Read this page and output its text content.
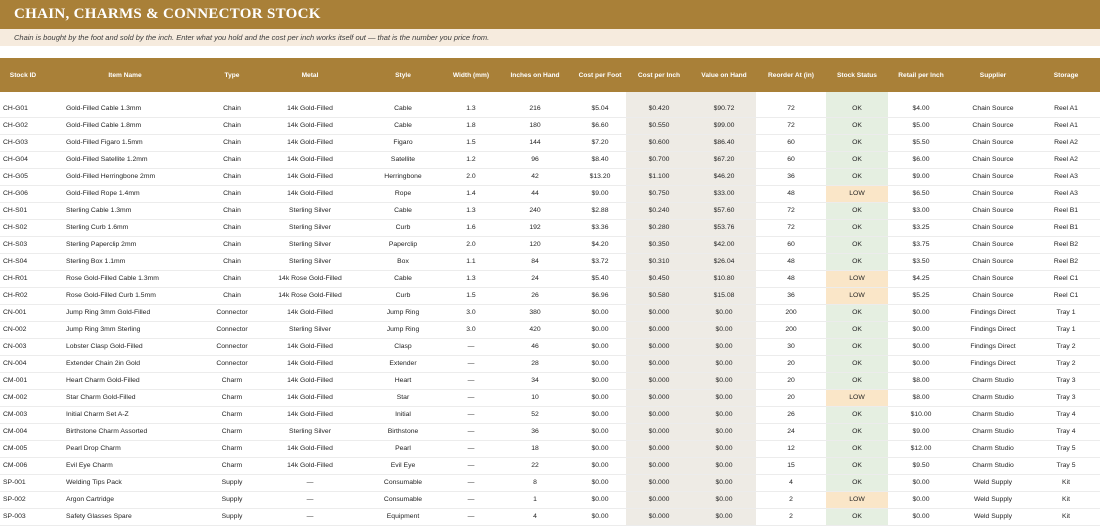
CHAIN, CHARMS & CONNECTOR STOCK
Chain is bought by the foot and sold by the inch. Enter what you hold and the cost per inch works itself out — that is the number you price from.
Stock ID	Item Name	Type	Metal	Style	Width (mm)	Inches on Hand	Cost per Foot	Cost per Inch	Value on Hand	Reorder At (in)	Stock Status	Retail per Inch	Supplier	Storage
CH-G01	Gold-Filled Cable 1.3mm	Chain	14k Gold-Filled	Cable	1.3	216	$5.04	$0.420	$90.72	72	OK	$4.00	Chain Source	Reel A1
CH-G02	Gold-Filled Cable 1.8mm	Chain	14k Gold-Filled	Cable	1.8	180	$6.60	$0.550	$99.00	72	OK	$5.00	Chain Source	Reel A1
CH-G03	Gold-Filled Figaro 1.5mm	Chain	14k Gold-Filled	Figaro	1.5	144	$7.20	$0.600	$86.40	60	OK	$5.50	Chain Source	Reel A2
CH-G04	Gold-Filled Satellite 1.2mm	Chain	14k Gold-Filled	Satellite	1.2	96	$8.40	$0.700	$67.20	60	OK	$6.00	Chain Source	Reel A2
CH-G05	Gold-Filled Herringbone 2mm	Chain	14k Gold-Filled	Herringbone	2.0	42	$13.20	$1.100	$46.20	36	OK	$9.00	Chain Source	Reel A3
CH-G06	Gold-Filled Rope 1.4mm	Chain	14k Gold-Filled	Rope	1.4	44	$9.00	$0.750	$33.00	48	LOW	$6.50	Chain Source	Reel A3
CH-S01	Sterling Cable 1.3mm	Chain	Sterling Silver	Cable	1.3	240	$2.88	$0.240	$57.60	72	OK	$3.00	Chain Source	Reel B1
CH-S02	Sterling Curb 1.6mm	Chain	Sterling Silver	Curb	1.6	192	$3.36	$0.280	$53.76	72	OK	$3.25	Chain Source	Reel B1
CH-S03	Sterling Paperclip 2mm	Chain	Sterling Silver	Paperclip	2.0	120	$4.20	$0.350	$42.00	60	OK	$3.75	Chain Source	Reel B2
CH-S04	Sterling Box 1.1mm	Chain	Sterling Silver	Box	1.1	84	$3.72	$0.310	$26.04	48	OK	$3.50	Chain Source	Reel B2
CH-R01	Rose Gold-Filled Cable 1.3mm	Chain	14k Rose Gold-Filled	Cable	1.3	24	$5.40	$0.450	$10.80	48	LOW	$4.25	Chain Source	Reel C1
CH-R02	Rose Gold-Filled Curb 1.5mm	Chain	14k Rose Gold-Filled	Curb	1.5	26	$6.96	$0.580	$15.08	36	LOW	$5.25	Chain Source	Reel C1
CN-001	Jump Ring 3mm Gold-Filled	Connector	14k Gold-Filled	Jump Ring	3.0	380	$0.00	$0.000	$0.00	200	OK	$0.00	Findings Direct	Tray 1
CN-002	Jump Ring 3mm Sterling	Connector	Sterling Silver	Jump Ring	3.0	420	$0.00	$0.000	$0.00	200	OK	$0.00	Findings Direct	Tray 1
CN-003	Lobster Clasp Gold-Filled	Connector	14k Gold-Filled	Clasp	—	46	$0.00	$0.000	$0.00	30	OK	$0.00	Findings Direct	Tray 2
CN-004	Extender Chain 2in Gold	Connector	14k Gold-Filled	Extender	—	28	$0.00	$0.000	$0.00	20	OK	$0.00	Findings Direct	Tray 2
CM-001	Heart Charm Gold-Filled	Charm	14k Gold-Filled	Heart	—	34	$0.00	$0.000	$0.00	20	OK	$8.00	Charm Studio	Tray 3
CM-002	Star Charm Gold-Filled	Charm	14k Gold-Filled	Star	—	10	$0.00	$0.000	$0.00	20	LOW	$8.00	Charm Studio	Tray 3
CM-003	Initial Charm Set A-Z	Charm	14k Gold-Filled	Initial	—	52	$0.00	$0.000	$0.00	26	OK	$10.00	Charm Studio	Tray 4
CM-004	Birthstone Charm Assorted	Charm	Sterling Silver	Birthstone	—	36	$0.00	$0.000	$0.00	24	OK	$9.00	Charm Studio	Tray 4
CM-005	Pearl Drop Charm	Charm	14k Gold-Filled	Pearl	—	18	$0.00	$0.000	$0.00	12	OK	$12.00	Charm Studio	Tray 5
CM-006	Evil Eye Charm	Charm	14k Gold-Filled	Evil Eye	—	22	$0.00	$0.000	$0.00	15	OK	$9.50	Charm Studio	Tray 5
SP-001	Welding Tips Pack	Supply	—	Consumable	—	8	$0.00	$0.000	$0.00	4	OK	$0.00	Weld Supply	Kit
SP-002	Argon Cartridge	Supply	—	Consumable	—	1	$0.00	$0.000	$0.00	2	LOW	$0.00	Weld Supply	Kit
SP-003	Safety Glasses Spare	Supply	—	Equipment	—	4	$0.00	$0.000	$0.00	2	OK	$0.00	Weld Supply	Kit
